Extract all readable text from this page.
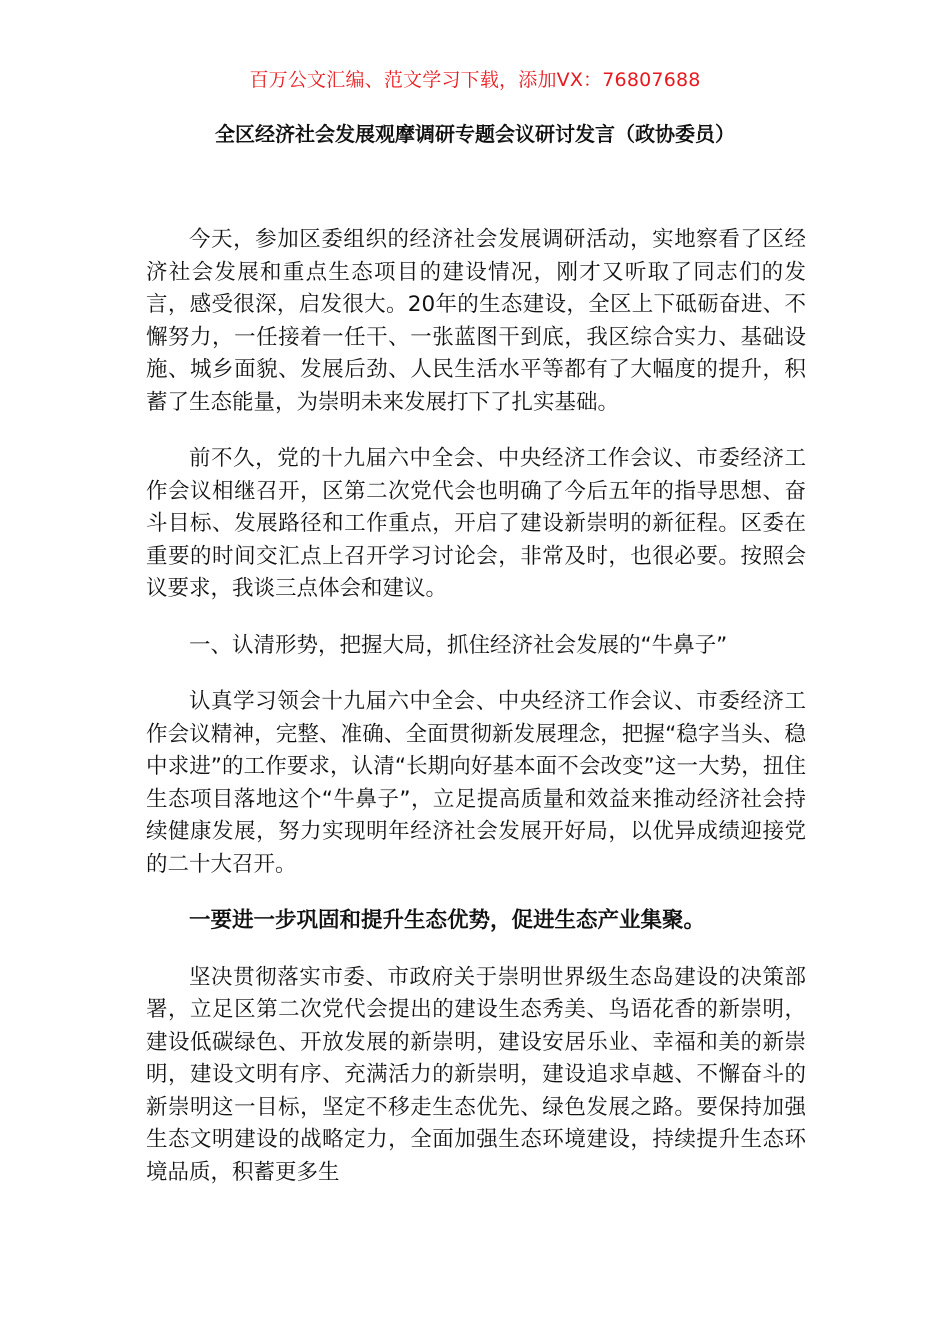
百万公文汇编、范文学习下载，添加VX：76807688
全区经济社会发展观摩调研专题会议研讨发言（政协委员）

今天，参加区委组织的经济社会发展调研活动，实地察看了区经济社会发展和重点生态项目的建设情况，刚才又听取了同志们的发言，感受很深，启发很大。20年的生态建设，全区上下砥砺奋进、不懈努力，一任接着一任干、一张蓝图干到底，我区综合实力、基础设施、城乡面貌、发展后劲、人民生活水平等都有了大幅度的提升，积蓄了生态能量，为崇明未来发展打下了扎实基础。

前不久，党的十九届六中全会、中央经济工作会议、市委经济工作会议相继召开，区第二次党代会也明确了今后五年的指导思想、奋斗目标、发展路径和工作重点，开启了建设新崇明的新征程。区委在重要的时间交汇点上召开学习讨论会，非常及时，也很必要。按照会议要求，我谈三点体会和建议。

一、认清形势，把握大局，抓住经济社会发展的“牛鼻子”

认真学习领会十九届六中全会、中央经济工作会议、市委经济工作会议精神，完整、准确、全面贯彻新发展理念，把握“稳字当头、稳中求进”的工作要求，认清“长期向好基本面不会改变”这一大势，扭住生态项目落地这个“牛鼻子”，立足提高质量和效益来推动经济社会持续健康发展，努力实现明年经济社会发展开好局，以优异成绩迎接党的二十大召开。

一要进一步巩固和提升生态优势，促进生态产业集聚。

坚决贯彻落实市委、市政府关于崇明世界级生态岛建设的决策部署，立足区第二次党代会提出的建设生态秀美、鸟语花香的新崇明，建设低碳绿色、开放发展的新崇明，建设安居乐业、幸福和美的新崇明，建设文明有序、充满活力的新崇明，建设追求卓越、不懈奋斗的新崇明这一目标，坚定不移走生态优先、绿色发展之路。要保持加强生态文明建设的战略定力，全面加强生态环境建设，持续提升生态环境品质，积蓄更多生
